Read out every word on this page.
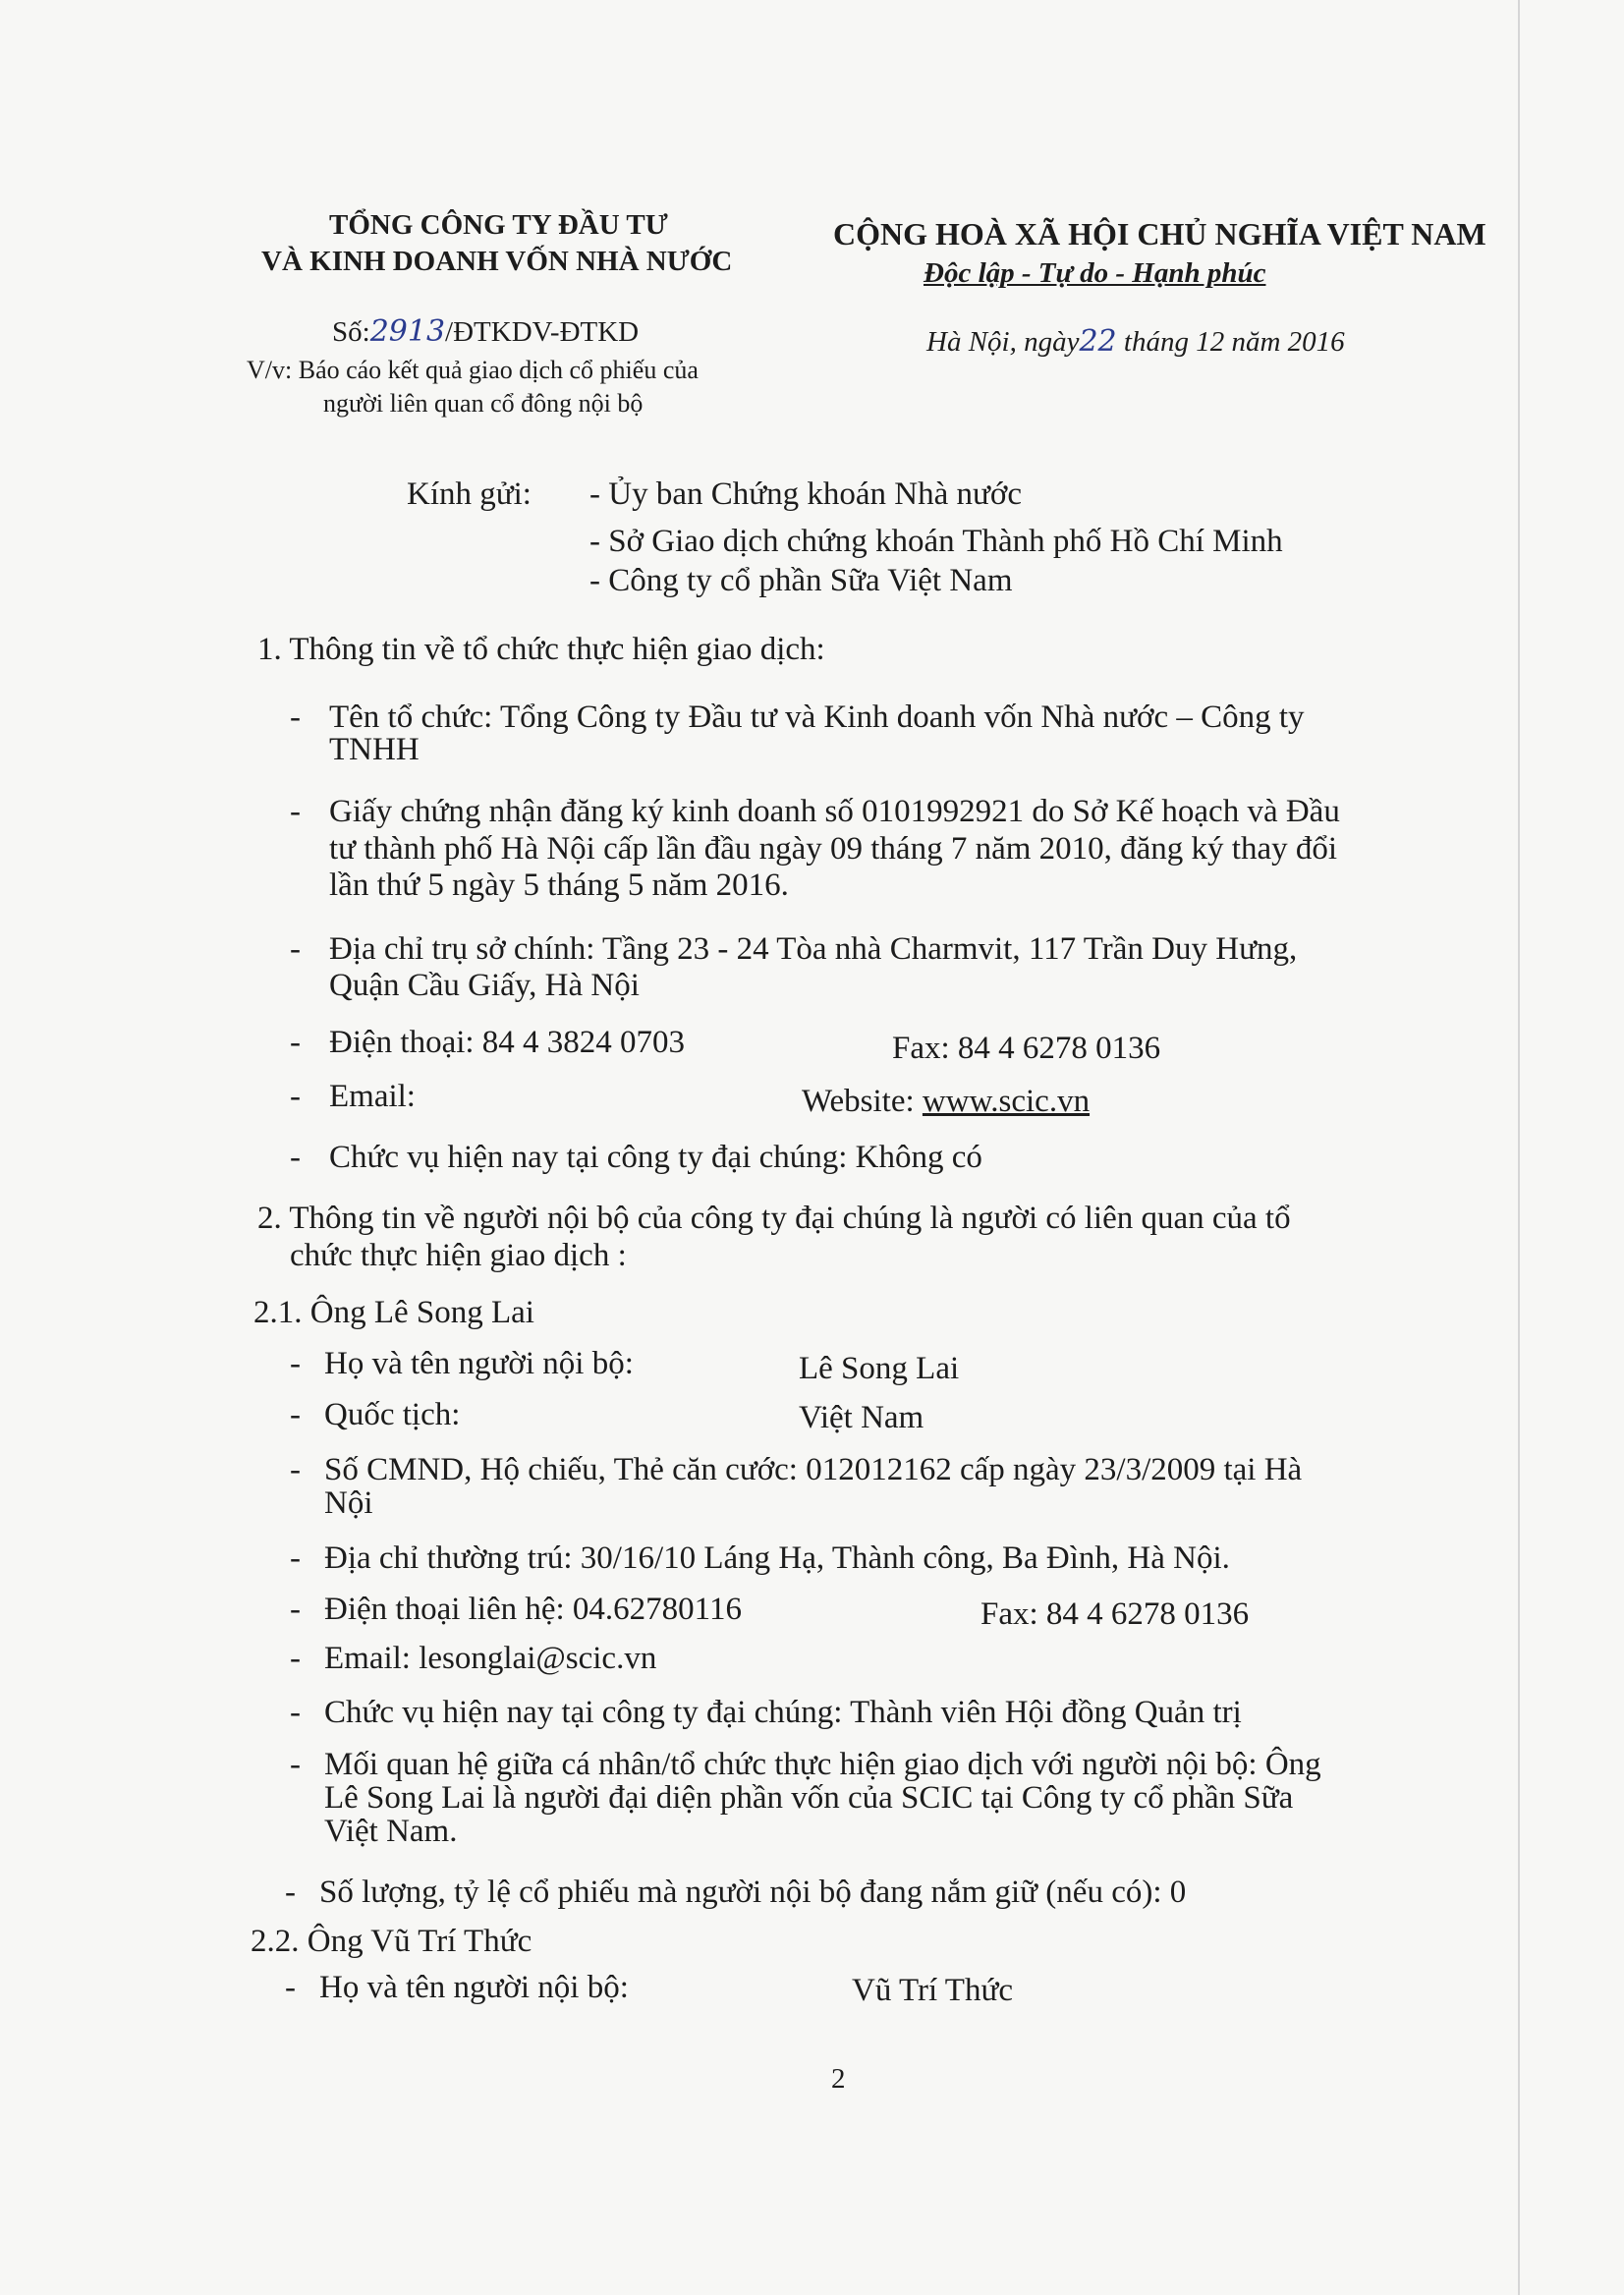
TỔNG CÔNG TY ĐẦU TƯ
VÀ KINH DOANH VỐN NHÀ NƯỚC
Số:2913/ĐTKDV-ĐTKD
V/v: Báo cáo kết quả giao dịch cổ phiếu của
người liên quan cổ đông nội bộ
CỘNG HOÀ XÃ HỘI CHỦ NGHĨA VIỆT NAM
Độc lập - Tự do - Hạnh phúc
Hà Nội, ngày22 tháng 12 năm 2016
Kính gửi: - Ủy ban Chứng khoán Nhà nước
- Sở Giao dịch chứng khoán Thành phố Hồ Chí Minh
- Công ty cổ phần Sữa Việt Nam
1. Thông tin về tổ chức thực hiện giao dịch:
- Tên tổ chức: Tổng Công ty Đầu tư và Kinh doanh vốn Nhà nước – Công ty
TNHH
- Giấy chứng nhận đăng ký kinh doanh số 0101992921 do Sở Kế hoạch và Đầu
tư thành phố Hà Nội cấp lần đầu ngày 09 tháng 7 năm 2010, đăng ký thay đổi
lần thứ 5 ngày 5 tháng 5 năm 2016.
- Địa chỉ trụ sở chính: Tầng 23 - 24 Tòa nhà Charmvit, 117 Trần Duy Hưng,
Quận Cầu Giấy, Hà Nội
- Điện thoại: 84 4 3824 0703	Fax: 84 4 6278 0136
- Email:	Website: www.scic.vn
- Chức vụ hiện nay tại công ty đại chúng: Không có
2. Thông tin về người nội bộ của công ty đại chúng là người có liên quan của tổ
chức thực hiện giao dịch :
2.1. Ông Lê Song Lai
- Họ và tên người nội bộ:	Lê Song Lai
- Quốc tịch:	Việt Nam
- Số CMND, Hộ chiếu, Thẻ căn cước: 012012162 cấp ngày 23/3/2009 tại Hà
Nội
- Địa chỉ thường trú: 30/16/10 Láng Hạ, Thành công, Ba Đình, Hà Nội.
- Điện thoại liên hệ: 04.62780116	Fax: 84 4 6278 0136
- Email: lesonglai@scic.vn
- Chức vụ hiện nay tại công ty đại chúng: Thành viên Hội đồng Quản trị
- Mối quan hệ giữa cá nhân/tổ chức thực hiện giao dịch với người nội bộ: Ông
Lê Song Lai là người đại diện phần vốn của SCIC tại Công ty cổ phần Sữa
Việt Nam.
- Số lượng, tỷ lệ cổ phiếu mà người nội bộ đang nắm giữ (nếu có): 0
2.2. Ông Vũ Trí Thức
- Họ và tên người nội bộ:	Vũ Trí Thức
2
